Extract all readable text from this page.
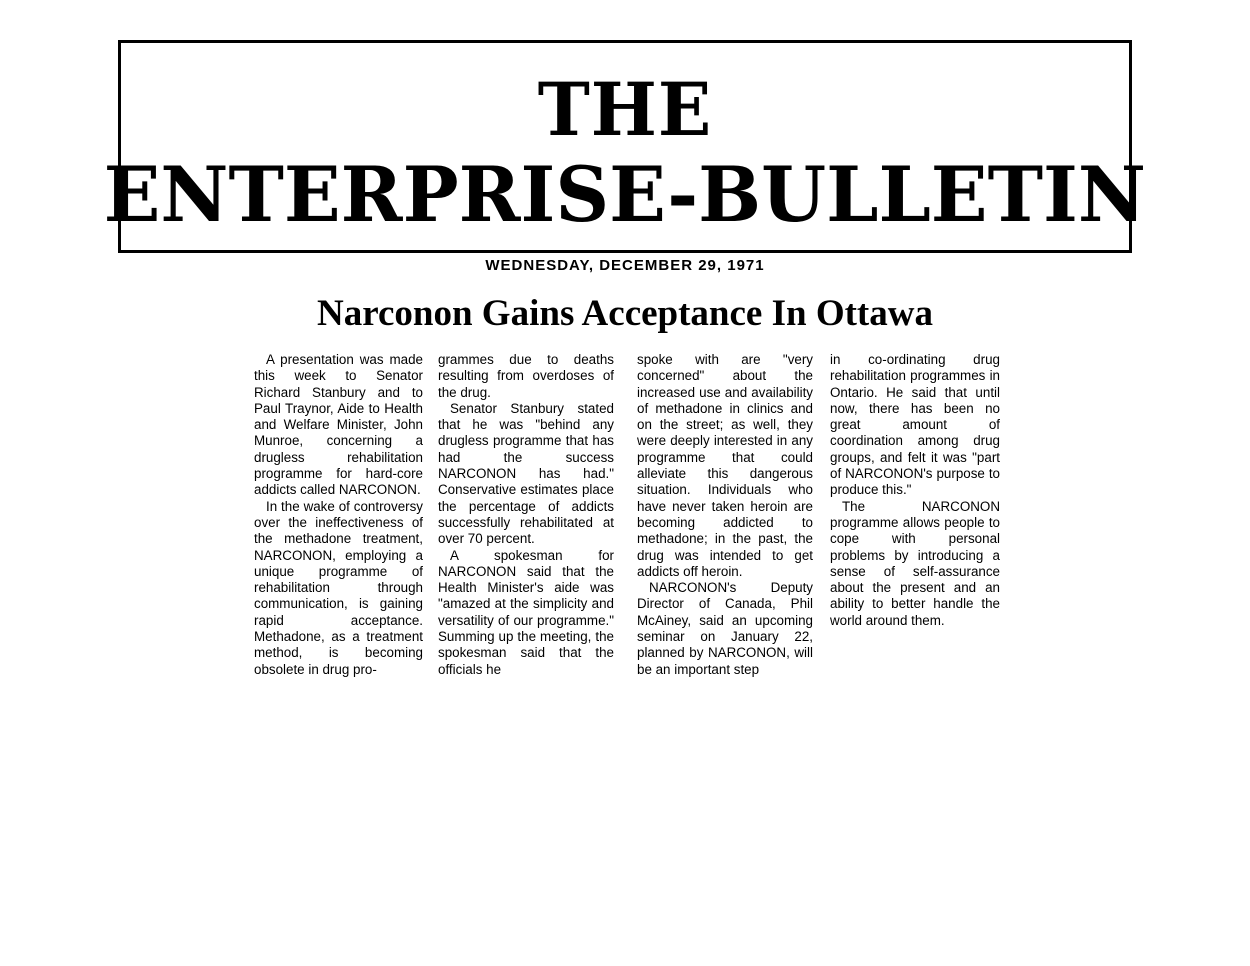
THE
ENTERPRISE-BULLETIN
WEDNESDAY, DECEMBER 29, 1971
Narconon Gains Acceptance In Ottawa

A presentation was made this week to Senator Richard Stanbury and to Paul Traynor, Aide to Health and Welfare Minister, John Munroe, concerning a drugless rehabilitation programme for hard-core addicts called NARCONON.

In the wake of controversy over the ineffectiveness of the methadone treatment, NARCONON, employing a unique programme of rehabilitation through communication, is gaining rapid acceptance. Methadone, as a treatment method, is becoming obsolete in drug pro-

grammes due to deaths resulting from overdoses of the drug.

Senator Stanbury stated that he was "behind any drugless programme that has had the success NARCONON has had." Conservative estimates place the percentage of addicts successfully rehabilitated at over 70 percent.

A spokesman for NARCONON said that the Health Minister's aide was "amazed at the simplicity and versatility of our programme." Summing up the meeting, the spokesman said that the officials he

spoke with are "very concerned" about the increased use and availability of methadone in clinics and on the street; as well, they were deeply interested in any programme that could alleviate this dangerous situation. Individuals who have never taken heroin are becoming addicted to methadone; in the past, the drug was intended to get addicts off heroin.

NARCONON's Deputy Director of Canada, Phil McAiney, said an upcoming seminar on January 22, planned by NARCONON, will be an important step

in co-ordinating drug rehabilitation programmes in Ontario. He said that until now, there has been no great amount of coordination among drug groups, and felt it was "part of NARCONON's purpose to produce this."

The NARCONON programme allows people to cope with personal problems by introducing a sense of self-assurance about the present and an ability to better handle the world around them.
